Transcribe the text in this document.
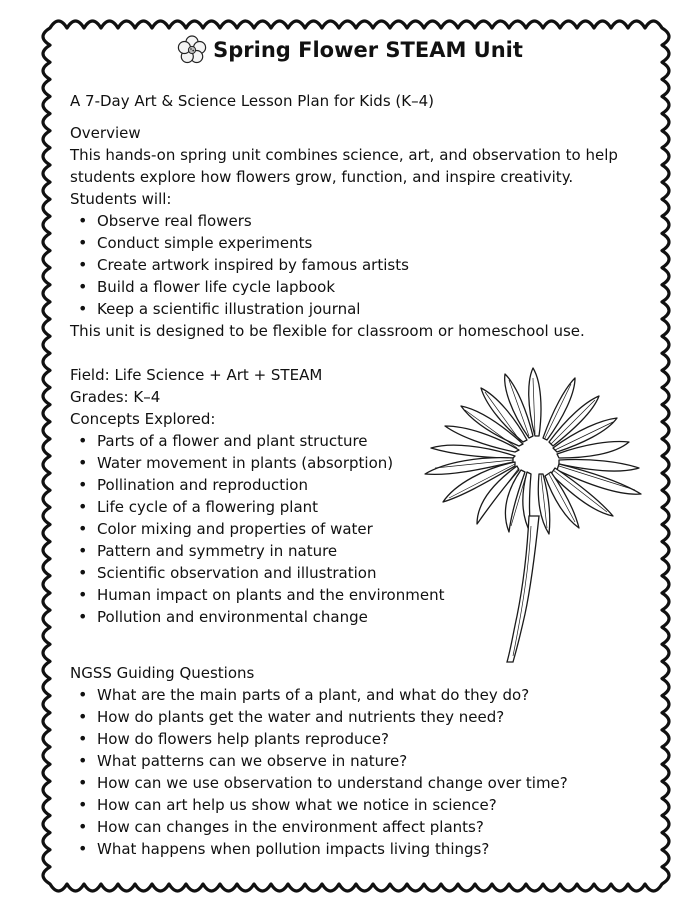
Spring Flower STEAM Unit
A 7-Day Art & Science Lesson Plan for Kids (K–4)

Overview

This hands-on spring unit combines science, art, and observation to help students explore how flowers grow, function, and inspire creativity.

Students will:

• Observe real flowers
• Conduct simple experiments
• Create artwork inspired by famous artists
• Build a flower life cycle lapbook
• Keep a scientific illustration journal

This unit is designed to be flexible for classroom or homeschool use.

Field: Life Science + Art + STEAM

Grades: K–4

Concepts Explored:

• Parts of a flower and plant structure
• Water movement in plants (absorption)
• Pollination and reproduction
• Life cycle of a flowering plant
• Color mixing and properties of water
• Pattern and symmetry in nature
• Scientific observation and illustration
• Human impact on plants and the environment
• Pollution and environmental change

NGSS Guiding Questions

• What are the main parts of a plant, and what do they do?
• How do plants get the water and nutrients they need?
• How do flowers help plants reproduce?
• What patterns can we observe in nature?
• How can we use observation to understand change over time?
• How can art help us show what we notice in science?
• How can changes in the environment affect plants?
• What happens when pollution impacts living things?
